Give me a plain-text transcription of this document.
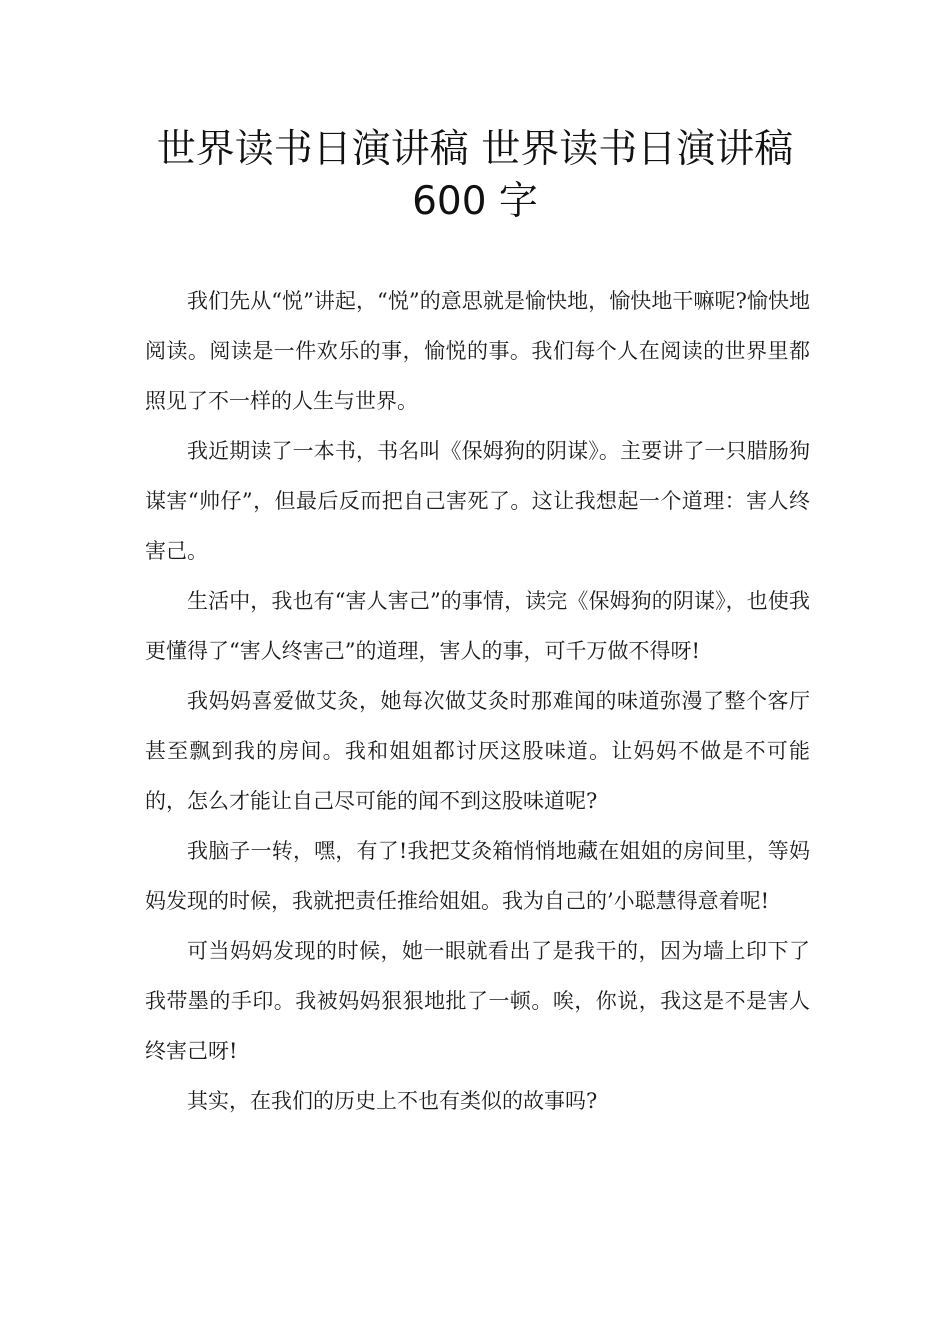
世界读书日演讲稿 世界读书日演讲稿
600 字

我们先从“悦”讲起，“悦”的意思就是愉快地，愉快地干嘛呢?愉快地阅读。阅读是一件欢乐的事，愉悦的事。我们每个人在阅读的世界里都照见了不一样的人生与世界。

我近期读了一本书，书名叫《保姆狗的阴谋》。主要讲了一只腊肠狗谋害“帅仔”，但最后反而把自己害死了。这让我想起一个道理：害人终害己。

生活中，我也有“害人害己”的事情，读完《保姆狗的阴谋》，也使我更懂得了“害人终害己”的道理，害人的事，可千万做不得呀!

我妈妈喜爱做艾灸，她每次做艾灸时那难闻的味道弥漫了整个客厅甚至飘到我的房间。我和姐姐都讨厌这股味道。让妈妈不做是不可能的，怎么才能让自己尽可能的闻不到这股味道呢?

我脑子一转，嘿，有了!我把艾灸箱悄悄地藏在姐姐的房间里，等妈妈发现的时候，我就把责任推给姐姐。我为自己的’小聪慧得意着呢!

可当妈妈发现的时候，她一眼就看出了是我干的，因为墙上印下了我带墨的手印。我被妈妈狠狠地批了一顿。唉，你说，我这是不是害人终害己呀!

其实，在我们的历史上不也有类似的故事吗?
